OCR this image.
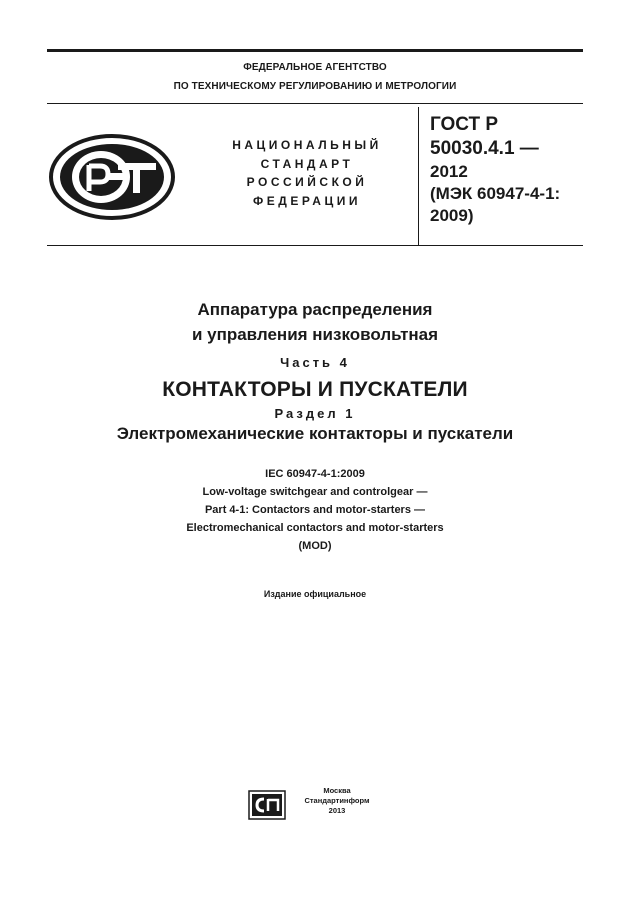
ФЕДЕРАЛЬНОЕ АГЕНТСТВО
ПО ТЕХНИЧЕСКОМУ РЕГУЛИРОВАНИЮ И МЕТРОЛОГИИ
НАЦИОНАЛЬНЫЙ
СТАНДАРТ
РОССИЙСКОЙ
ФЕДЕРАЦИИ
ГОСТ Р
50030.4.1 —
2012
(МЭК 60947-4-1:
2009)
Аппаратура распределения
и управления низковольтная
Часть 4
КОНТАКТОРЫ И ПУСКАТЕЛИ
Раздел 1
Электромеханические контакторы и пускатели
IEC 60947-4-1:2009
Low-voltage switchgear and controlgear —
Part 4-1: Contactors and motor-starters —
Electromechanical contactors and motor-starters
(MOD)
Издание официальное
Москва
Стандартинформ
2013
